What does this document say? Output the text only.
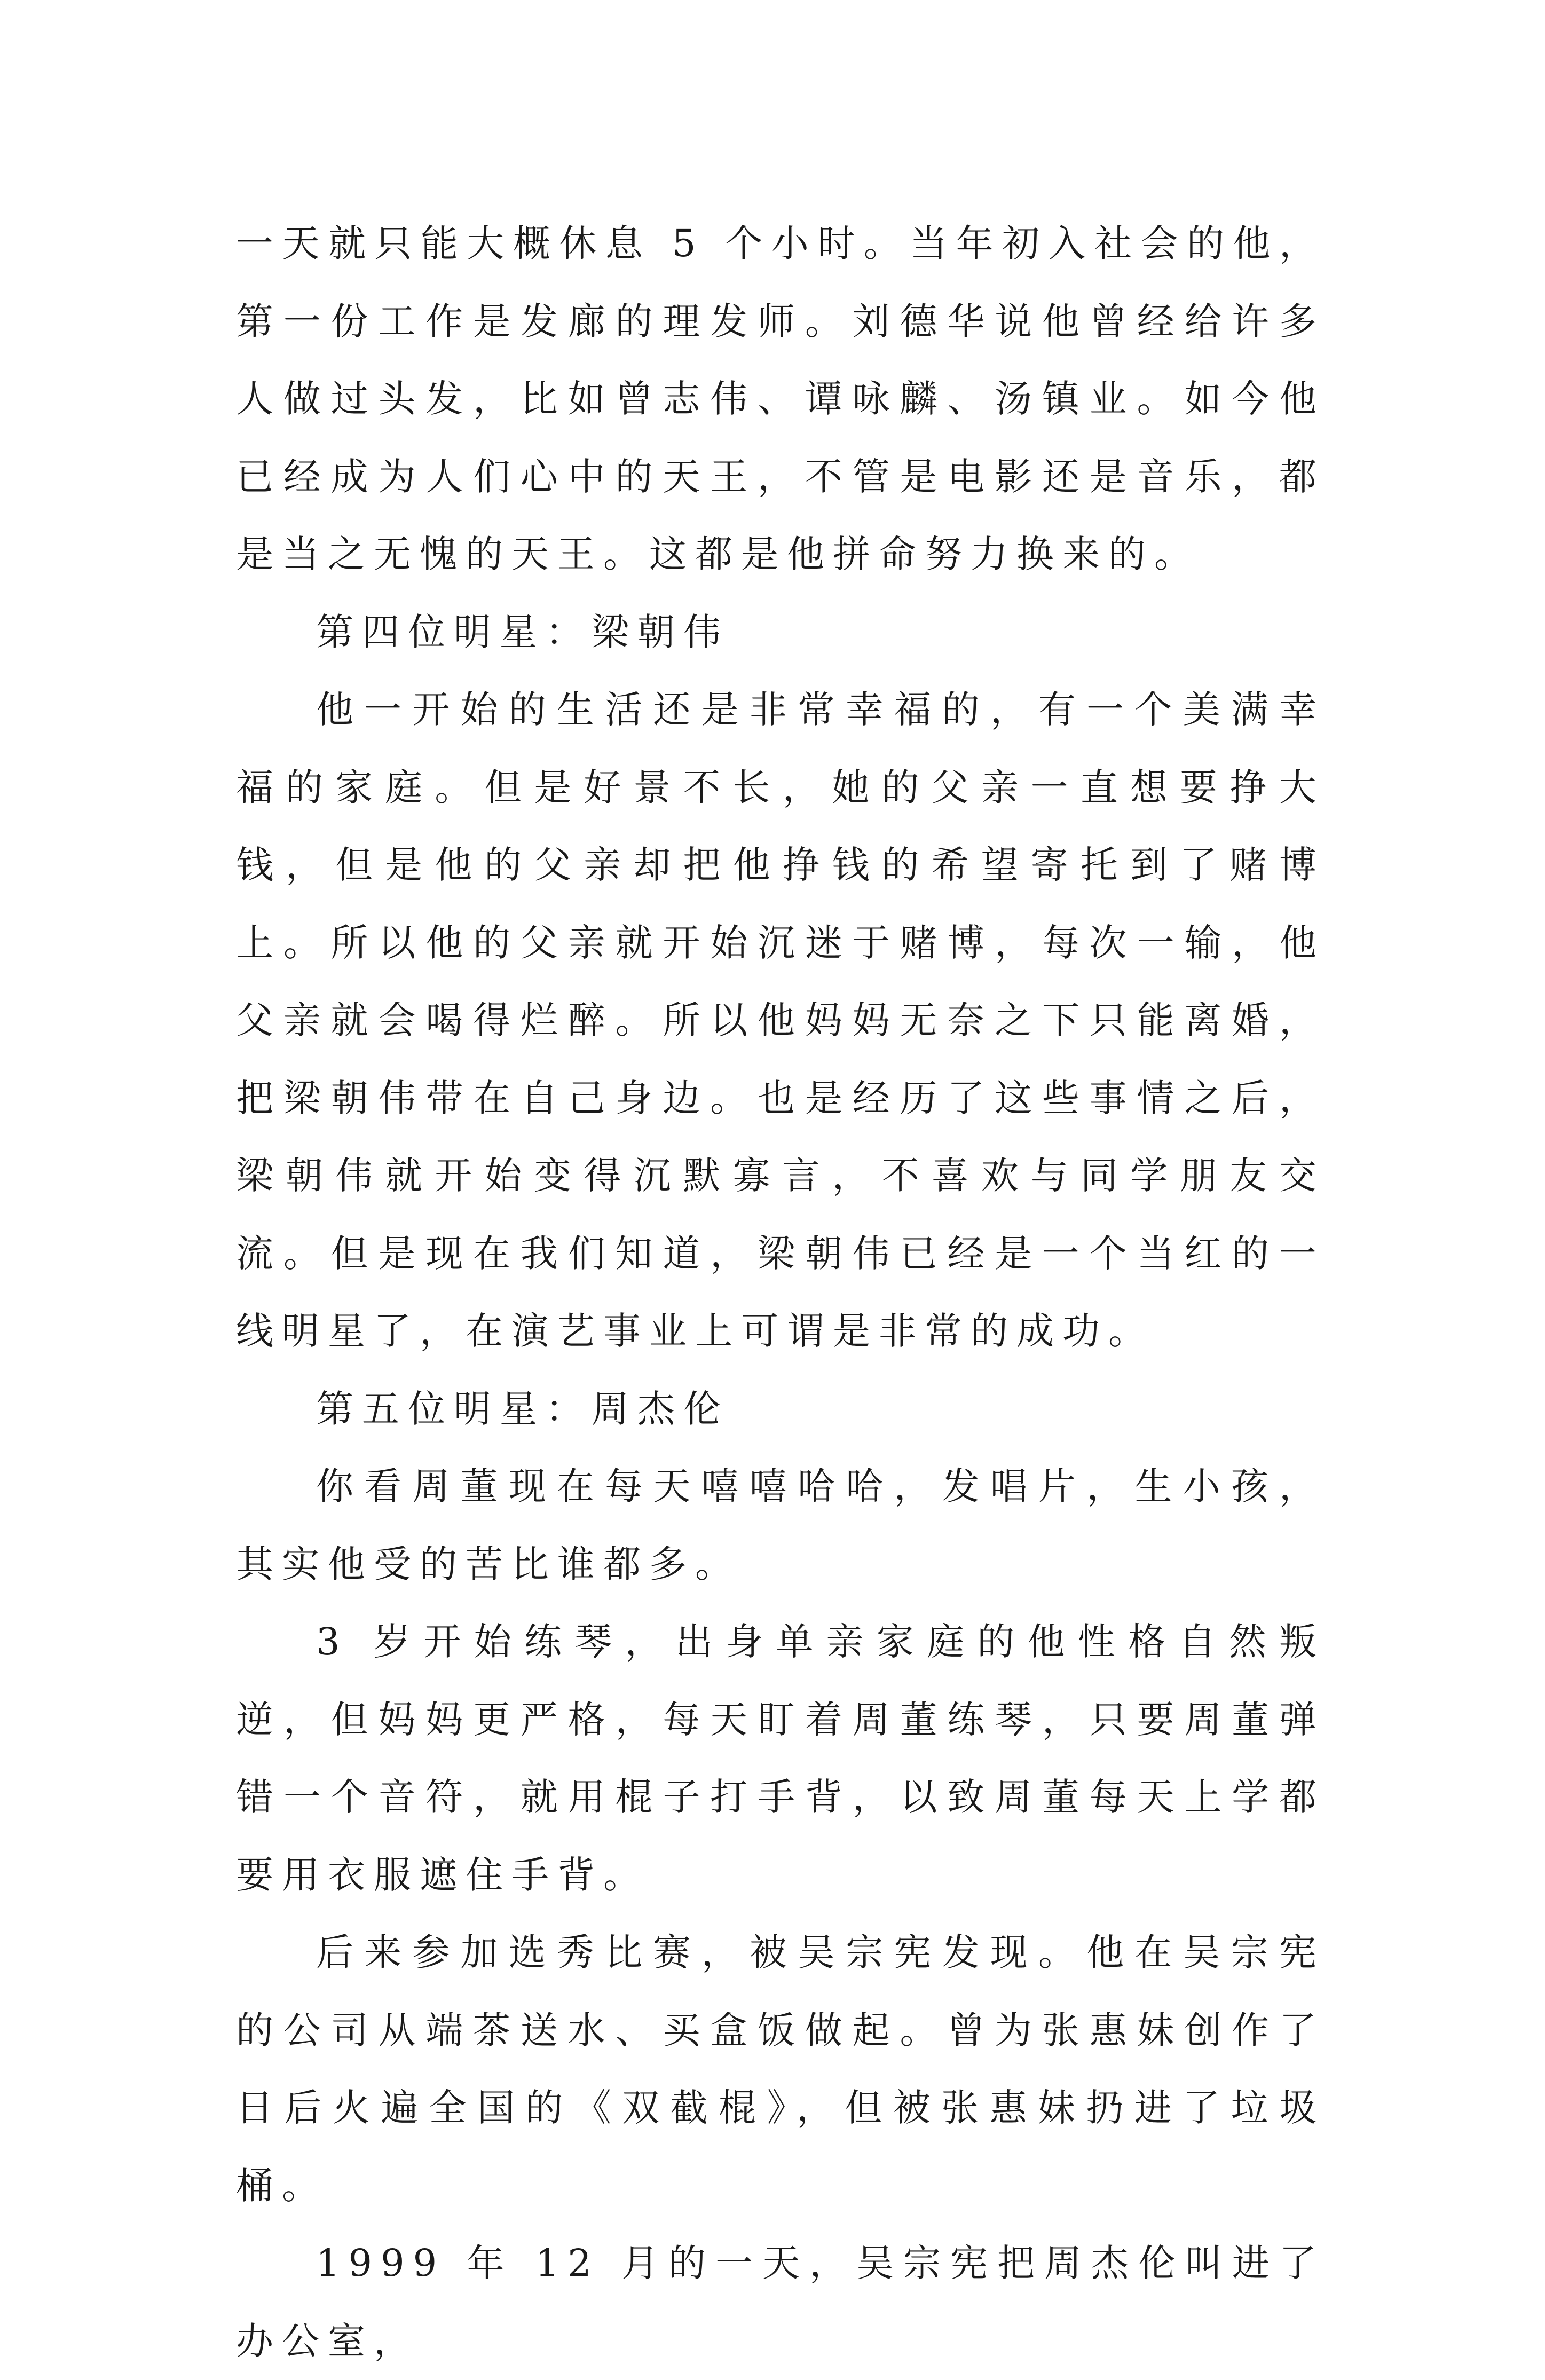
一天就只能大概休息 5 个小时。当年初入社会的他，第一份工作是发廊的理发师。刘德华说他曾经给许多人做过头发，比如曾志伟、谭咏麟、汤镇业。如今他已经成为人们心中的天王，不管是电影还是音乐，都是当之无愧的天王。这都是他拼命努力换来的。

第四位明星：梁朝伟

他一开始的生活还是非常幸福的，有一个美满幸福的家庭。但是好景不长，她的父亲一直想要挣大钱，但是他的父亲却把他挣钱的希望寄托到了赌博上。所以他的父亲就开始沉迷于赌博，每次一输，他父亲就会喝得烂醉。所以他妈妈无奈之下只能离婚，把梁朝伟带在自己身边。也是经历了这些事情之后，梁朝伟就开始变得沉默寡言，不喜欢与同学朋友交流。但是现在我们知道，梁朝伟已经是一个当红的一线明星了，在演艺事业上可谓是非常的成功。

第五位明星：周杰伦

你看周董现在每天嘻嘻哈哈，发唱片，生小孩，其实他受的苦比谁都多。

3 岁开始练琴，出身单亲家庭的他性格自然叛逆，但妈妈更严格，每天盯着周董练琴，只要周董弹错一个音符，就用棍子打手背，以致周董每天上学都要用衣服遮住手背。

后来参加选秀比赛，被吴宗宪发现。他在吴宗宪的公司从端茶送水、买盒饭做起。曾为张惠妹创作了日后火遍全国的《双截棍》，但被张惠妹扔进了垃圾桶。

1999 年 12 月的一天，吴宗宪把周杰伦叫进了办公室，
